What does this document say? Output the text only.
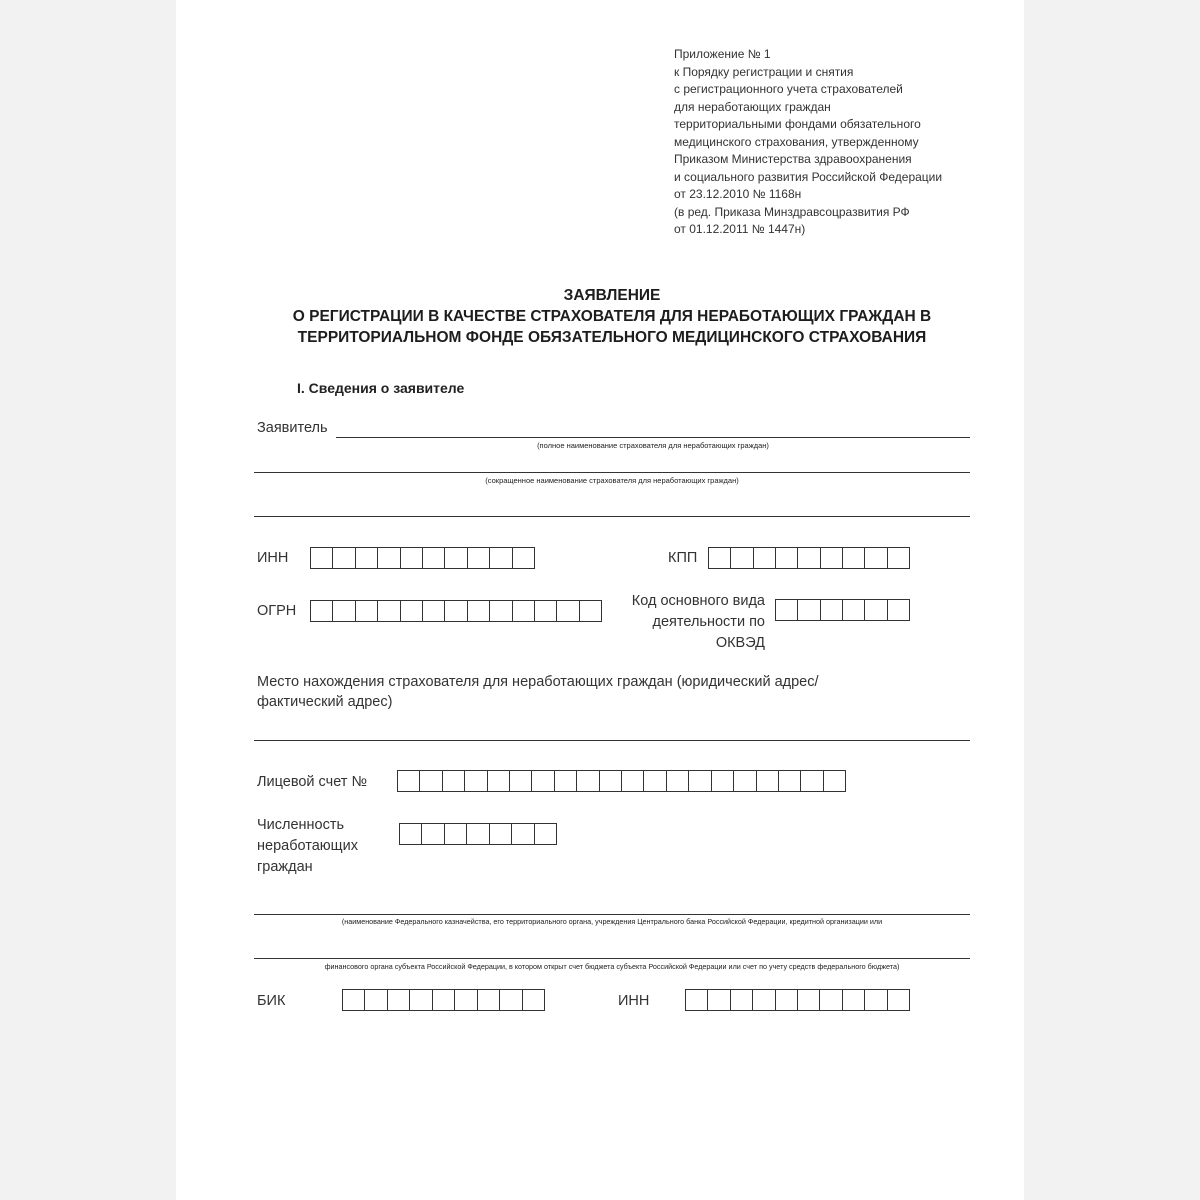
Приложение № 1
к Порядку регистрации и снятия
с регистрационного учета страхователей
для неработающих граждан
территориальными фондами обязательного
медицинского страхования, утвержденному
Приказом Министерства здравоохранения
и социального развития Российской Федерации
от 23.12.2010 № 1168н
(в ред. Приказа Минздравсоцразвития РФ
от 01.12.2011 № 1447н)
ЗАЯВЛЕНИЕ
О РЕГИСТРАЦИИ В КАЧЕСТВЕ СТРАХОВАТЕЛЯ ДЛЯ НЕРАБОТАЮЩИХ ГРАЖДАН В
ТЕРРИТОРИАЛЬНОМ ФОНДЕ ОБЯЗАТЕЛЬНОГО МЕДИЦИНСКОГО СТРАХОВАНИЯ
I. Сведения о заявителе
Заявитель
(полное наименование страхователя для неработающих граждан)
(сокращенное наименование страхователя для неработающих граждан)
ИНН	КПП
ОГРН
Код основного вида
деятельности по
ОКВЭД
Место нахождения страхователя для неработающих граждан (юридический адрес/
фактический адрес)
Лицевой счет №
Численность
неработающих
граждан
(наименование Федерального казначейства, его территориального органа, учреждения Центрального банка Российской Федерации, кредитной организации или
финансового органа субъекта Российской Федерации, в котором открыт счет бюджета субъекта Российской Федерации или счет по учету средств федерального бюджета)
БИК	ИНН
